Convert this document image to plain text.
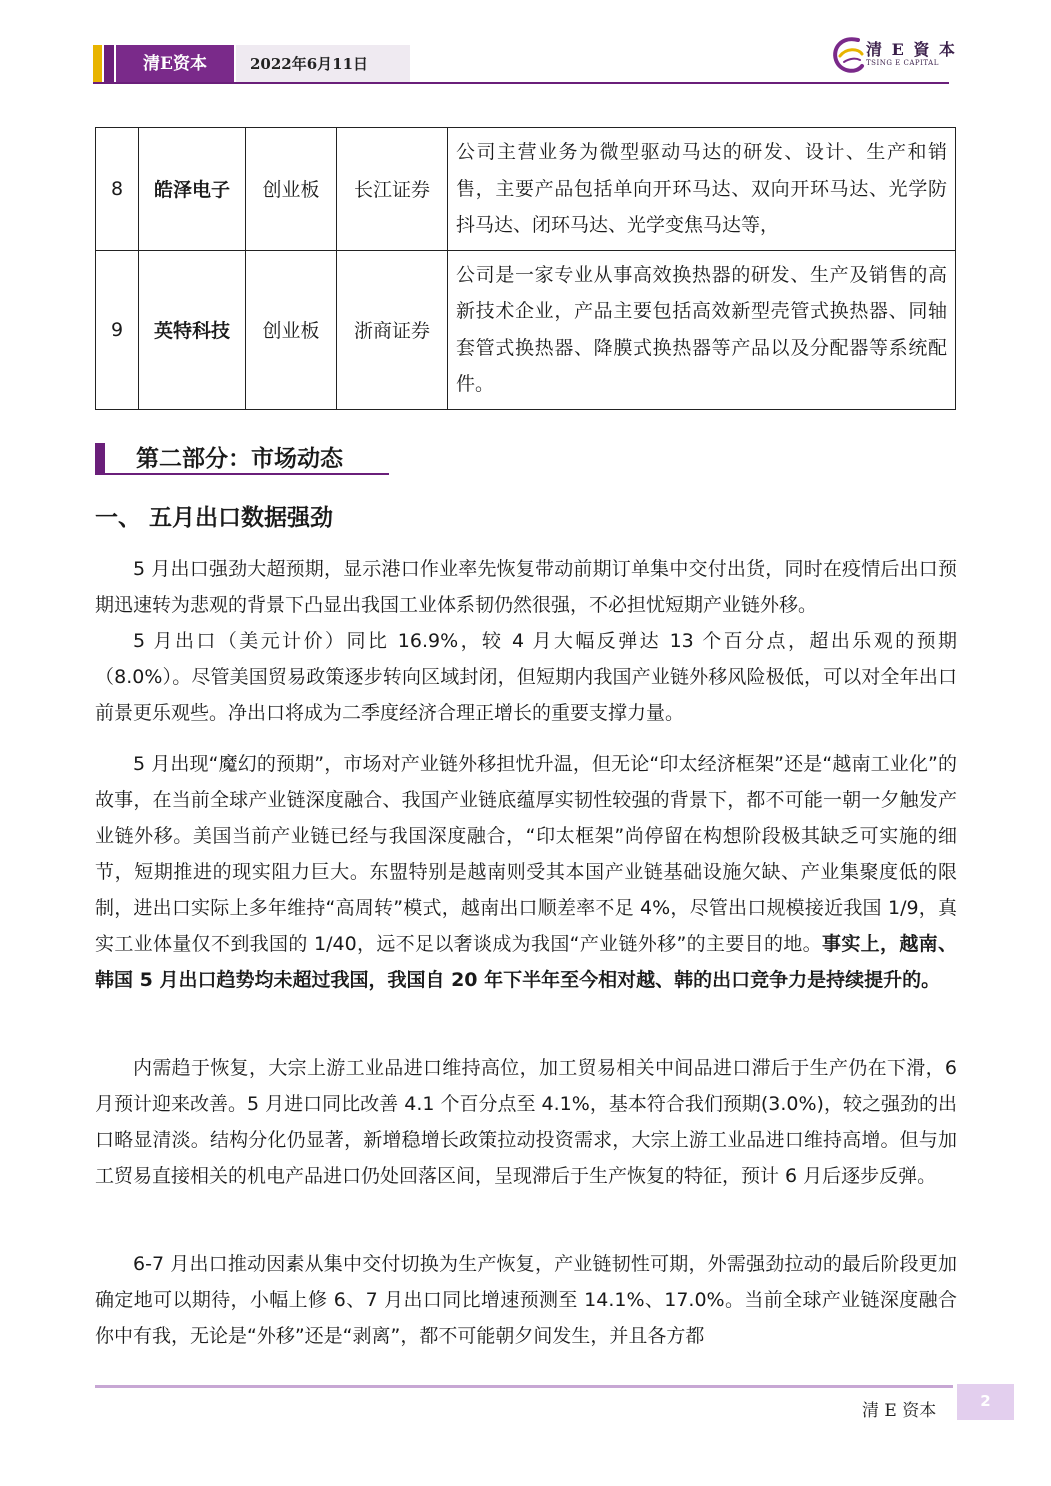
清E资本	2022年6月11日
清 E 資 本
TSING E CAPITAL
8	皓泽电子	创业板	长江证券	公司主营业务为微型驱动马达的研发、设计、生产和销售，主要产品包括单向开环马达、双向开环马达、光学防抖马达、闭环马达、光学变焦马达等，
9	英特科技	创业板	浙商证券	公司是一家专业从事高效换热器的研发、生产及销售的高新技术企业，产品主要包括高效新型壳管式换热器、同轴套管式换热器、降膜式换热器等产品以及分配器等系统配件。
第二部分：市场动态
一、 五月出口数据强劲

5 月出口强劲大超预期，显示港口作业率先恢复带动前期订单集中交付出货，同时在疫情后出口预期迅速转为悲观的背景下凸显出我国工业体系韧仍然很强，不必担忧短期产业链外移。

5 月出口（美元计价）同比 16.9%，较 4 月大幅反弹达 13 个百分点，超出乐观的预期（8.0%）。尽管美国贸易政策逐步转向区域封闭，但短期内我国产业链外移风险极低，可以对全年出口前景更乐观些。净出口将成为二季度经济合理正增长的重要支撑力量。

5 月出现“魔幻的预期”，市场对产业链外移担忧升温，但无论“印太经济框架”还是“越南工业化”的故事，在当前全球产业链深度融合、我国产业链底蕴厚实韧性较强的背景下，都不可能一朝一夕触发产业链外移。美国当前产业链已经与我国深度融合，“印太框架”尚停留在构想阶段极其缺乏可实施的细节，短期推进的现实阻力巨大。东盟特别是越南则受其本国产业链基础设施欠缺、产业集聚度低的限制，进出口实际上多年维持“高周转”模式，越南出口顺差率不足 4%，尽管出口规模接近我国 1/9，真实工业体量仅不到我国的 1/40，远不足以奢谈成为我国“产业链外移”的主要目的地。事实上，越南、韩国 5 月出口趋势均未超过我国，我国自 20 年下半年至今相对越、韩的出口竞争力是持续提升的。

内需趋于恢复，大宗上游工业品进口维持高位，加工贸易相关中间品进口滞后于生产仍在下滑，6 月预计迎来改善。5 月进口同比改善 4.1 个百分点至 4.1%，基本符合我们预期(3.0%)，较之强劲的出口略显清淡。结构分化仍显著，新增稳增长政策拉动投资需求，大宗上游工业品进口维持高增。但与加工贸易直接相关的机电产品进口仍处回落区间，呈现滞后于生产恢复的特征，预计 6 月后逐步反弹。

6-7 月出口推动因素从集中交付切换为生产恢复，产业链韧性可期，外需强劲拉动的最后阶段更加确定地可以期待，小幅上修 6、7 月出口同比增速预测至 14.1%、17.0%。当前全球产业链深度融合你中有我，无论是“外移”还是“剥离”，都不可能朝夕间发生，并且各方都

清 E 资本	2
